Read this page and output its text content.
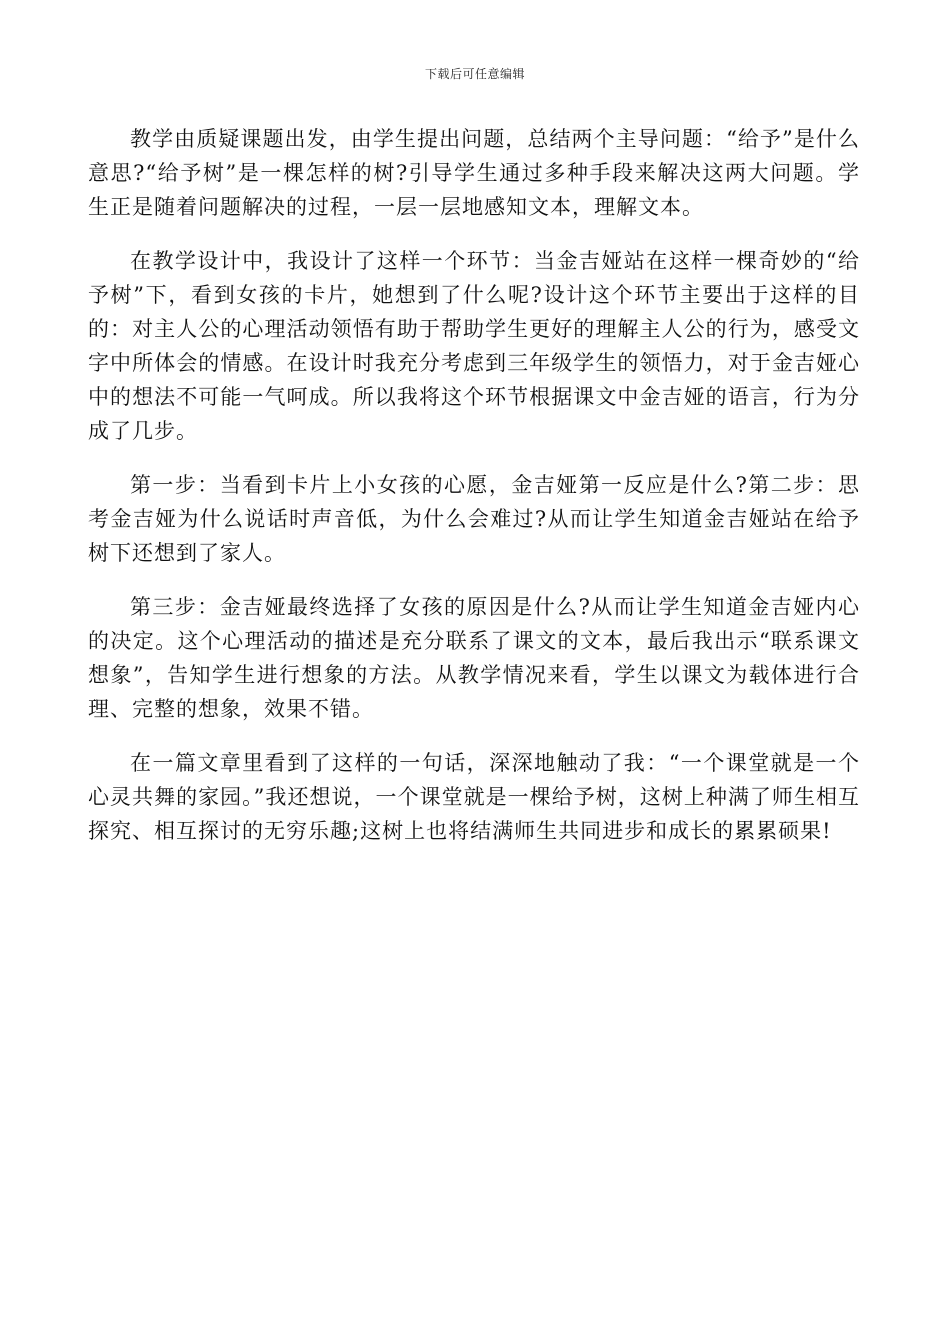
下载后可任意编辑

教学由质疑课题出发，由学生提出问题，总结两个主导问题：“给予”是什么意思?“给予树”是一棵怎样的树?引导学生通过多种手段来解决这两大问题。学生正是随着问题解决的过程，一层一层地感知文本，理解文本。

在教学设计中，我设计了这样一个环节：当金吉娅站在这样一棵奇妙的“给予树”下，看到女孩的卡片，她想到了什么呢?设计这个环节主要出于这样的目的：对主人公的心理活动领悟有助于帮助学生更好的理解主人公的行为，感受文字中所体会的情感。在设计时我充分考虑到三年级学生的领悟力，对于金吉娅心中的想法不可能一气呵成。所以我将这个环节根据课文中金吉娅的语言，行为分成了几步。

第一步：当看到卡片上小女孩的心愿，金吉娅第一反应是什么?第二步：思考金吉娅为什么说话时声音低，为什么会难过?从而让学生知道金吉娅站在给予树下还想到了家人。

第三步：金吉娅最终选择了女孩的原因是什么?从而让学生知道金吉娅内心的决定。这个心理活动的描述是充分联系了课文的文本，最后我出示“联系课文想象”，告知学生进行想象的方法。从教学情况来看，学生以课文为载体进行合理、完整的想象，效果不错。

在一篇文章里看到了这样的一句话，深深地触动了我：“一个课堂就是一个心灵共舞的家园。”我还想说，一个课堂就是一棵给予树，这树上种满了师生相互探究、相互探讨的无穷乐趣;这树上也将结满师生共同进步和成长的累累硕果!
